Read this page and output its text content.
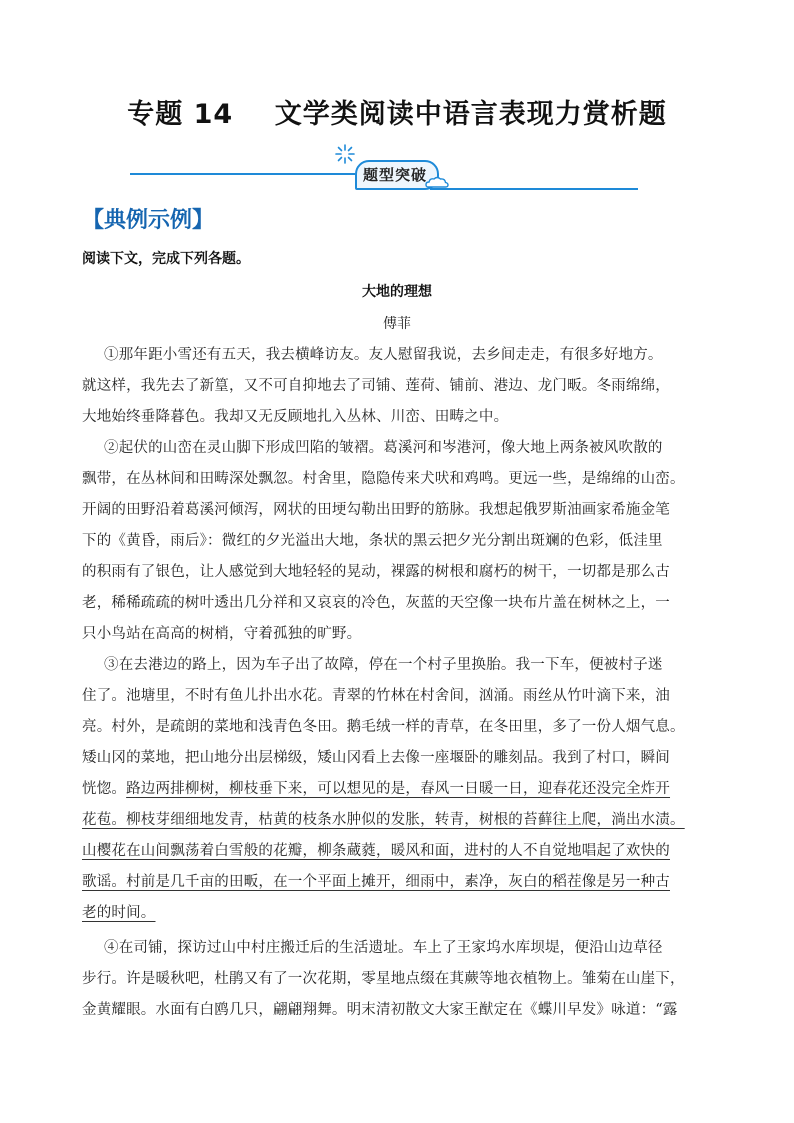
专题 14    文学类阅读中语言表现力赏析题
题型突破
【典例示例】
阅读下文，完成下列各题。
大地的理想
傅菲
①那年距小雪还有五天，我去横峰访友。友人慰留我说，去乡间走走，有很多好地方。
就这样，我先去了新篁，又不可自抑地去了司铺、莲荷、铺前、港边、龙门畈。冬雨绵绵，
大地始终垂降暮色。我却又无反顾地扎入丛林、川峦、田畴之中。
②起伏的山峦在灵山脚下形成凹陷的皱褶。葛溪河和岑港河，像大地上两条被风吹散的
飘带，在丛林间和田畴深处飘忽。村舍里，隐隐传来犬吠和鸡鸣。更远一些，是绵绵的山峦。
开阔的田野沿着葛溪河倾泻，网状的田埂勾勒出田野的筋脉。我想起俄罗斯油画家希施金笔
下的《黄昏，雨后》：微红的夕光溢出大地，条状的黑云把夕光分割出斑斓的色彩，低洼里
的积雨有了银色，让人感觉到大地轻轻的晃动，裸露的树根和腐朽的树干，一切都是那么古
老，稀稀疏疏的树叶透出几分祥和又哀哀的冷色，灰蓝的天空像一块布片盖在树林之上，一
只小鸟站在高高的树梢，守着孤独的旷野。
③在去港边的路上，因为车子出了故障，停在一个村子里换胎。我一下车，便被村子迷
住了。池塘里，不时有鱼儿扑出水花。青翠的竹林在村舍间，汹涌。雨丝从竹叶滴下来，油
亮。村外，是疏朗的菜地和浅青色冬田。鹅毛绒一样的青草，在冬田里，多了一份人烟气息。
矮山冈的菜地，把山地分出层梯级，矮山冈看上去像一座堰卧的雕刻品。我到了村口，瞬间
恍惚。路边两排柳树，柳枝垂下来，可以想见的是，春风一日暖一日，迎春花还没完全炸开
花苞。柳枝芽细细地发青，枯黄的枝条水肿似的发胀，转青，树根的苔藓往上爬，淌出水渍。
山樱花在山间飘荡着白雪般的花瓣，柳条蔵蕤，暖风和面，进村的人不自觉地唱起了欢快的
歌谣。村前是几千亩的田畈，在一个平面上摊开，细雨中，素净，灰白的稻茬像是另一种古
老的时间。
④在司铺，探访过山中村庄搬迁后的生活遗址。车上了王家坞水库坝堤，便沿山边草径
步行。许是暖秋吧，杜鹃又有了一次花期，零星地点缀在萁蕨等地衣植物上。雏菊在山崖下，
金黄耀眼。水面有白鸥几只，翩翩翔舞。明末清初散文大家王猷定在《蝶川早发》咏道：“露
